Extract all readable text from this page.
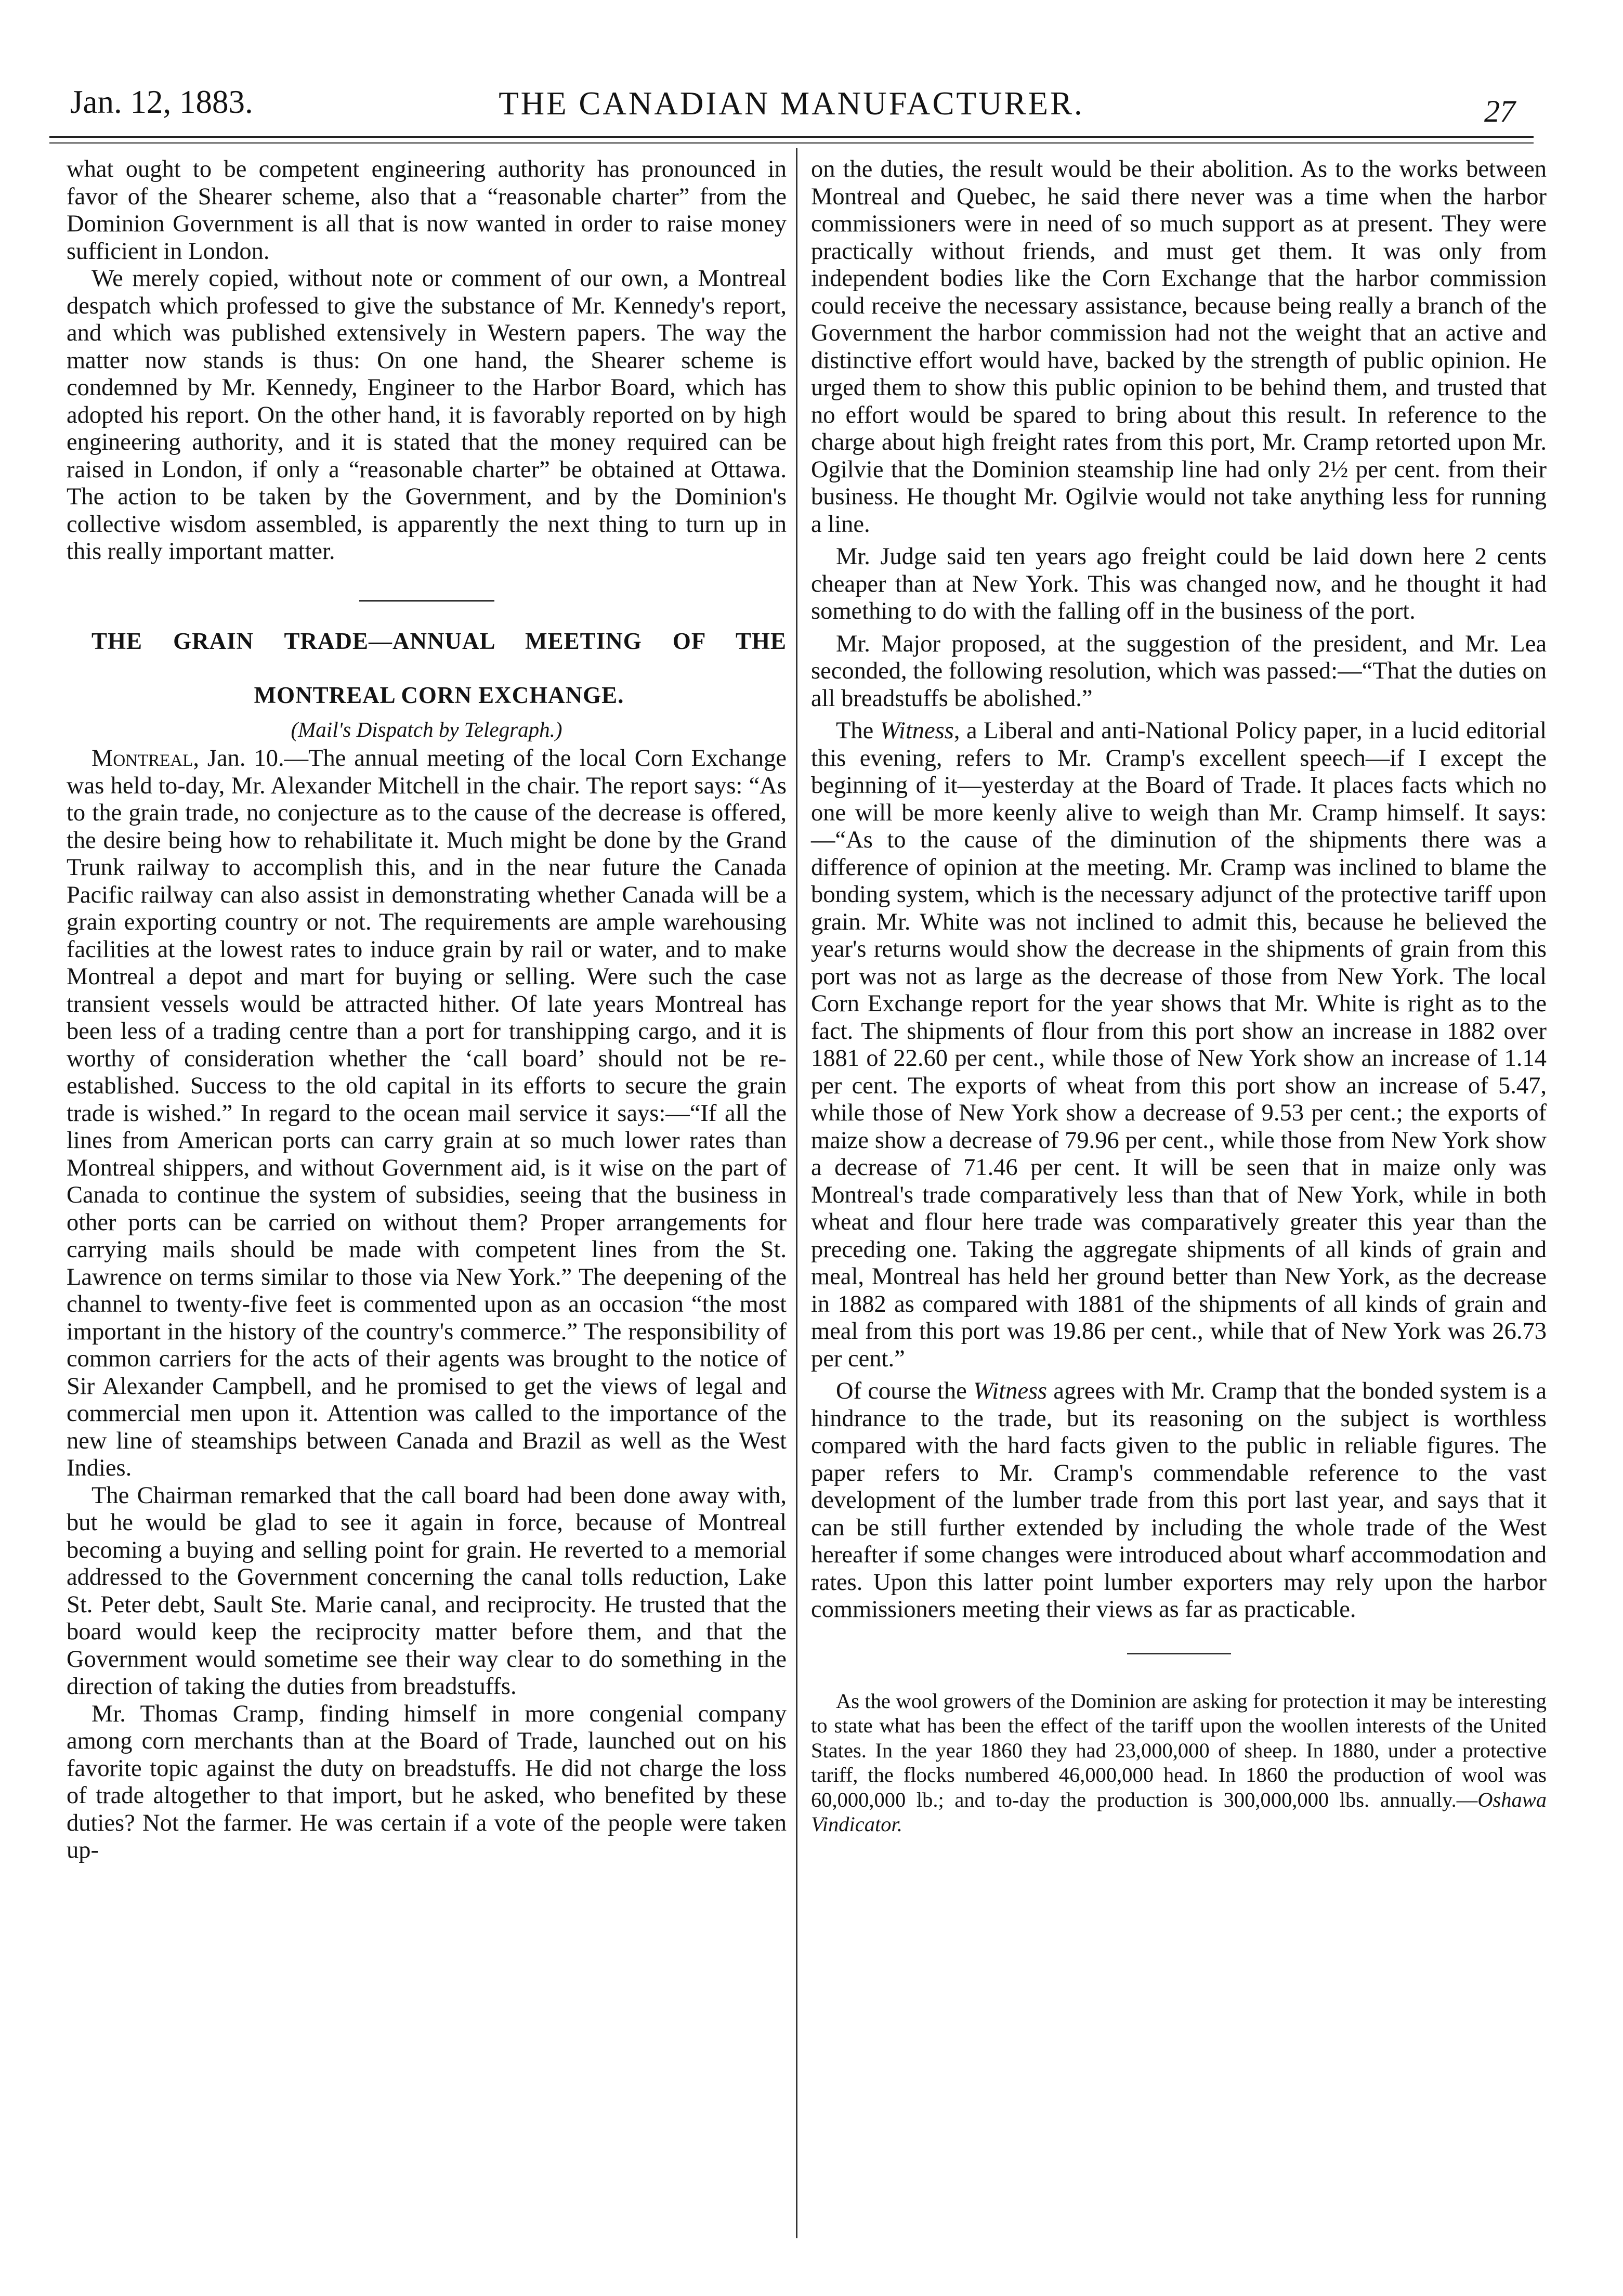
Jan. 12, 1883.	THE CANADIAN MANUFACTURER.	27

what ought to be competent engineering authority has pronounced in favor of the Shearer scheme, also that a “reasonable charter” from the Dominion Government is all that is now wanted in order to raise money sufficient in London.

We merely copied, without note or comment of our own, a Montreal despatch which professed to give the substance of Mr. Kennedy's report, and which was published extensively in Western papers. The way the matter now stands is thus: On one hand, the Shearer scheme is condemned by Mr. Kennedy, Engineer to the Harbor Board, which has adopted his report. On the other hand, it is favorably reported on by high engineering authority, and it is stated that the money required can be raised in London, if only a “reasonable charter” be obtained at Ottawa. The action to be taken by the Government, and by the Dominion's collective wisdom assembled, is apparently the next thing to turn up in this really important matter.

THE GRAIN TRADE—ANNUAL MEETING OF THE

MONTREAL CORN EXCHANGE.

(Mail's Dispatch by Telegraph.)

Montreal, Jan. 10.—The annual meeting of the local Corn Exchange was held to-day, Mr. Alexander Mitchell in the chair. The report says: “As to the grain trade, no conjecture as to the cause of the decrease is offered, the desire being how to rehabilitate it. Much might be done by the Grand Trunk railway to accomplish this, and in the near future the Canada Pacific railway can also assist in demonstrating whether Canada will be a grain exporting country or not. The requirements are ample warehousing facilities at the lowest rates to induce grain by rail or water, and to make Montreal a depot and mart for buying or selling. Were such the case transient vessels would be attracted hither. Of late years Montreal has been less of a trading centre than a port for transhipping cargo, and it is worthy of consideration whether the ‘call board’ should not be re-established. Success to the old capital in its efforts to secure the grain trade is wished.” In regard to the ocean mail service it says:—“If all the lines from American ports can carry grain at so much lower rates than Montreal shippers, and without Government aid, is it wise on the part of Canada to continue the system of subsidies, seeing that the business in other ports can be carried on without them? Proper arrangements for carrying mails should be made with competent lines from the St. Lawrence on terms similar to those via New York.” The deepening of the channel to twenty-five feet is commented upon as an occasion “the most important in the history of the country's commerce.” The responsibility of common carriers for the acts of their agents was brought to the notice of Sir Alexander Campbell, and he promised to get the views of legal and commercial men upon it. Attention was called to the importance of the new line of steamships between Canada and Brazil as well as the West Indies.

The Chairman remarked that the call board had been done away with, but he would be glad to see it again in force, because of Montreal becoming a buying and selling point for grain. He reverted to a memorial addressed to the Government concerning the canal tolls reduction, Lake St. Peter debt, Sault Ste. Marie canal, and reciprocity. He trusted that the board would keep the reciprocity matter before them, and that the Government would sometime see their way clear to do something in the direction of taking the duties from breadstuffs.

Mr. Thomas Cramp, finding himself in more congenial company among corn merchants than at the Board of Trade, launched out on his favorite topic against the duty on breadstuffs. He did not charge the loss of trade altogether to that import, but he asked, who benefited by these duties? Not the farmer. He was certain if a vote of the people were taken up-

on the duties, the result would be their abolition. As to the works between Montreal and Quebec, he said there never was a time when the harbor commissioners were in need of so much support as at present. They were practically without friends, and must get them. It was only from independent bodies like the Corn Exchange that the harbor commission could receive the necessary assistance, because being really a branch of the Government the harbor commission had not the weight that an active and distinctive effort would have, backed by the strength of public opinion. He urged them to show this public opinion to be behind them, and trusted that no effort would be spared to bring about this result. In reference to the charge about high freight rates from this port, Mr. Cramp retorted upon Mr. Ogilvie that the Dominion steamship line had only 2½ per cent. from their business. He thought Mr. Ogilvie would not take anything less for running a line.

Mr. Judge said ten years ago freight could be laid down here 2 cents cheaper than at New York. This was changed now, and he thought it had something to do with the falling off in the business of the port.

Mr. Major proposed, at the suggestion of the president, and Mr. Lea seconded, the following resolution, which was passed:—“That the duties on all breadstuffs be abolished.”

The Witness, a Liberal and anti-National Policy paper, in a lucid editorial this evening, refers to Mr. Cramp's excellent speech—if I except the beginning of it—yesterday at the Board of Trade. It places facts which no one will be more keenly alive to weigh than Mr. Cramp himself. It says:—“As to the cause of the diminution of the shipments there was a difference of opinion at the meeting. Mr. Cramp was inclined to blame the bonding system, which is the necessary adjunct of the protective tariff upon grain. Mr. White was not inclined to admit this, because he believed the year's returns would show the decrease in the shipments of grain from this port was not as large as the decrease of those from New York. The local Corn Exchange report for the year shows that Mr. White is right as to the fact. The shipments of flour from this port show an increase in 1882 over 1881 of 22.60 per cent., while those of New York show an increase of 1.14 per cent. The exports of wheat from this port show an increase of 5.47, while those of New York show a decrease of 9.53 per cent.; the exports of maize show a decrease of 79.96 per cent., while those from New York show a decrease of 71.46 per cent. It will be seen that in maize only was Montreal's trade comparatively less than that of New York, while in both wheat and flour here trade was comparatively greater this year than the preceding one. Taking the aggregate shipments of all kinds of grain and meal, Montreal has held her ground better than New York, as the decrease in 1882 as compared with 1881 of the shipments of all kinds of grain and meal from this port was 19.86 per cent., while that of New York was 26.73 per cent.”

Of course the Witness agrees with Mr. Cramp that the bonded system is a hindrance to the trade, but its reasoning on the subject is worthless compared with the hard facts given to the public in reliable figures. The paper refers to Mr. Cramp's commendable reference to the vast development of the lumber trade from this port last year, and says that it can be still further extended by including the whole trade of the West hereafter if some changes were introduced about wharf accommodation and rates. Upon this latter point lumber exporters may rely upon the harbor commissioners meeting their views as far as practicable.

As the wool growers of the Dominion are asking for protection it may be interesting to state what has been the effect of the tariff upon the woollen interests of the United States. In the year 1860 they had 23,000,000 of sheep. In 1880, under a protective tariff, the flocks numbered 46,000,000 head. In 1860 the production of wool was 60,000,000 lb.; and to-day the production is 300,000,000 lbs. annually.—Oshawa Vindicator.
